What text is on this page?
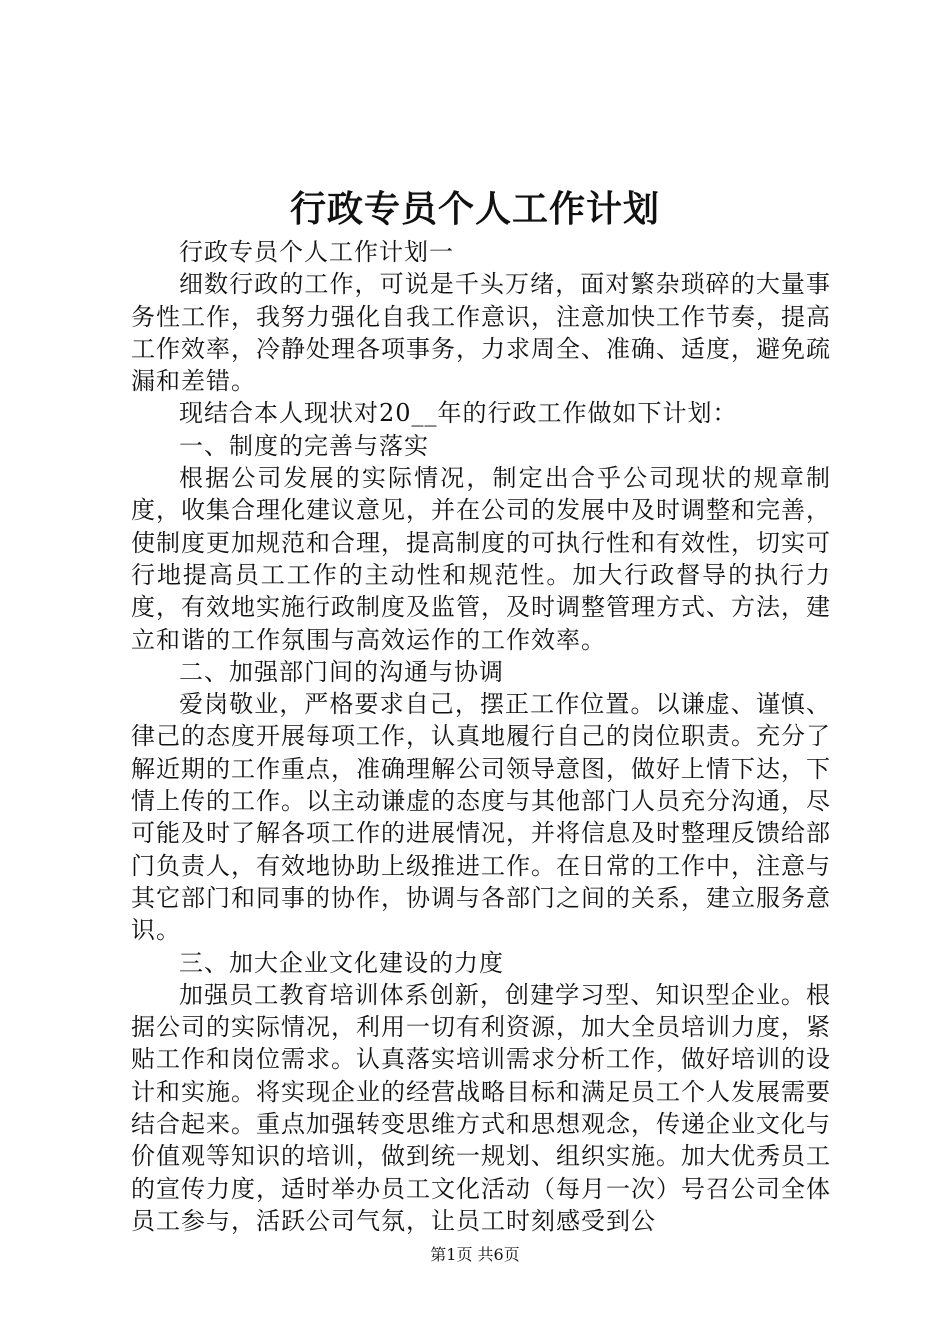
行政专员个人工作计划

行政专员个人工作计划一

细数行政的工作，可说是千头万绪，面对繁杂琐碎的大量事务性工作，我努力强化自我工作意识，注意加快工作节奏，提高工作效率，冷静处理各项事务，力求周全、准确、适度，避免疏漏和差错。

现结合本人现状对20__年的行政工作做如下计划：

一、制度的完善与落实

根据公司发展的实际情况，制定出合乎公司现状的规章制度，收集合理化建议意见，并在公司的发展中及时调整和完善，使制度更加规范和合理，提高制度的可执行性和有效性，切实可行地提高员工工作的主动性和规范性。加大行政督导的执行力度，有效地实施行政制度及监管，及时调整管理方式、方法，建立和谐的工作氛围与高效运作的工作效率。

二、加强部门间的沟通与协调

爱岗敬业，严格要求自己，摆正工作位置。以谦虚、谨慎、律己的态度开展每项工作，认真地履行自己的岗位职责。充分了解近期的工作重点，准确理解公司领导意图，做好上情下达，下情上传的工作。以主动谦虚的态度与其他部门人员充分沟通，尽可能及时了解各项工作的进展情况，并将信息及时整理反馈给部门负责人，有效地协助上级推进工作。在日常的工作中，注意与其它部门和同事的协作，协调与各部门之间的关系，建立服务意识。

三、加大企业文化建设的力度

加强员工教育培训体系创新，创建学习型、知识型企业。根据公司的实际情况，利用一切有利资源，加大全员培训力度，紧贴工作和岗位需求。认真落实培训需求分析工作，做好培训的设计和实施。将实现企业的经营战略目标和满足员工个人发展需要结合起来。重点加强转变思维方式和思想观念，传递企业文化与价值观等知识的培训，做到统一规划、组织实施。加大优秀员工的宣传力度，适时举办员工文化活动（每月一次）号召公司全体员工参与，活跃公司气氛，让员工时刻感受到公

第1页 共6页
